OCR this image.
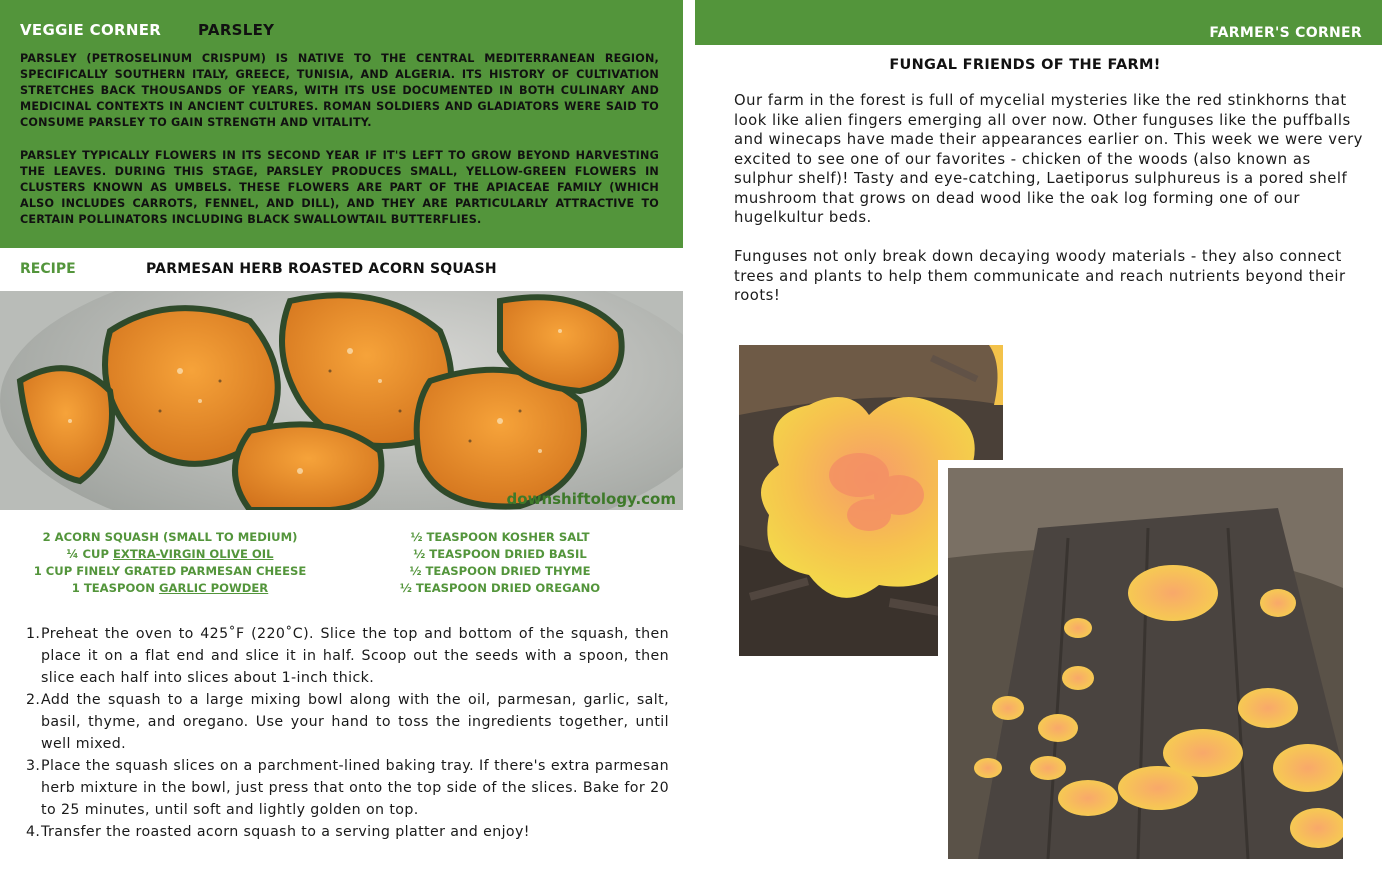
VEGGIE CORNER PARSLEY
PARSLEY (PETROSELINUM CRISPUM) IS NATIVE TO THE CENTRAL MEDITERRANEAN REGION, SPECIFICALLY SOUTHERN ITALY, GREECE, TUNISIA, AND ALGERIA. ITS HISTORY OF CULTIVATION STRETCHES BACK THOUSANDS OF YEARS, WITH ITS USE DOCUMENTED IN BOTH CULINARY AND MEDICINAL CONTEXTS IN ANCIENT CULTURES. ROMAN SOLDIERS AND GLADIATORS WERE SAID TO CONSUME PARSLEY TO GAIN STRENGTH AND VITALITY.
PARSLEY TYPICALLY FLOWERS IN ITS SECOND YEAR IF IT'S LEFT TO GROW BEYOND HARVESTING THE LEAVES. DURING THIS STAGE, PARSLEY PRODUCES SMALL, YELLOW-GREEN FLOWERS IN CLUSTERS KNOWN AS UMBELS. THESE FLOWERS ARE PART OF THE APIACEAE FAMILY (WHICH ALSO INCLUDES CARROTS, FENNEL, AND DILL), AND THEY ARE PARTICULARLY ATTRACTIVE TO CERTAIN POLLINATORS INCLUDING BLACK SWALLOWTAIL BUTTERFLIES.
RECIPE	PARMESAN HERB ROASTED ACORN SQUASH
downshiftology.com
2 ACORN SQUASH (SMALL TO MEDIUM)
¼ CUP EXTRA-VIRGIN OLIVE OIL
1 CUP FINELY GRATED PARMESAN CHEESE
1 TEASPOON GARLIC POWDER
½ TEASPOON KOSHER SALT
½ TEASPOON DRIED BASIL
½ TEASPOON DRIED THYME
½ TEASPOON DRIED OREGANO
1. Preheat the oven to 425˚F (220˚C). Slice the top and bottom of the squash, then place it on a flat end and slice it in half. Scoop out the seeds with a spoon, then slice each half into slices about 1-inch thick.
2. Add the squash to a large mixing bowl along with the oil, parmesan, garlic, salt, basil, thyme, and oregano. Use your hand to toss the ingredients together, until well mixed.
3. Place the squash slices on a parchment-lined baking tray. If there's extra parmesan herb mixture in the bowl, just press that onto the top side of the slices. Bake for 20 to 25 minutes, until soft and lightly golden on top.
4. Transfer the roasted acorn squash to a serving platter and enjoy!
FARMER'S CORNER
FUNGAL FRIENDS OF THE FARM!
Our farm in the forest is full of mycelial mysteries like the red stinkhorns that look like alien fingers emerging all over now. Other funguses like the puffballs and winecaps have made their appearances earlier on. This week we were very excited to see one of our favorites - chicken of the woods (also known as sulphur shelf)! Tasty and eye-catching, Laetiporus sulphureus is a pored shelf mushroom that grows on dead wood like the oak log forming one of our hugelkultur beds.
Funguses not only break down decaying woody materials - they also connect trees and plants to help them communicate and reach nutrients beyond their roots!
